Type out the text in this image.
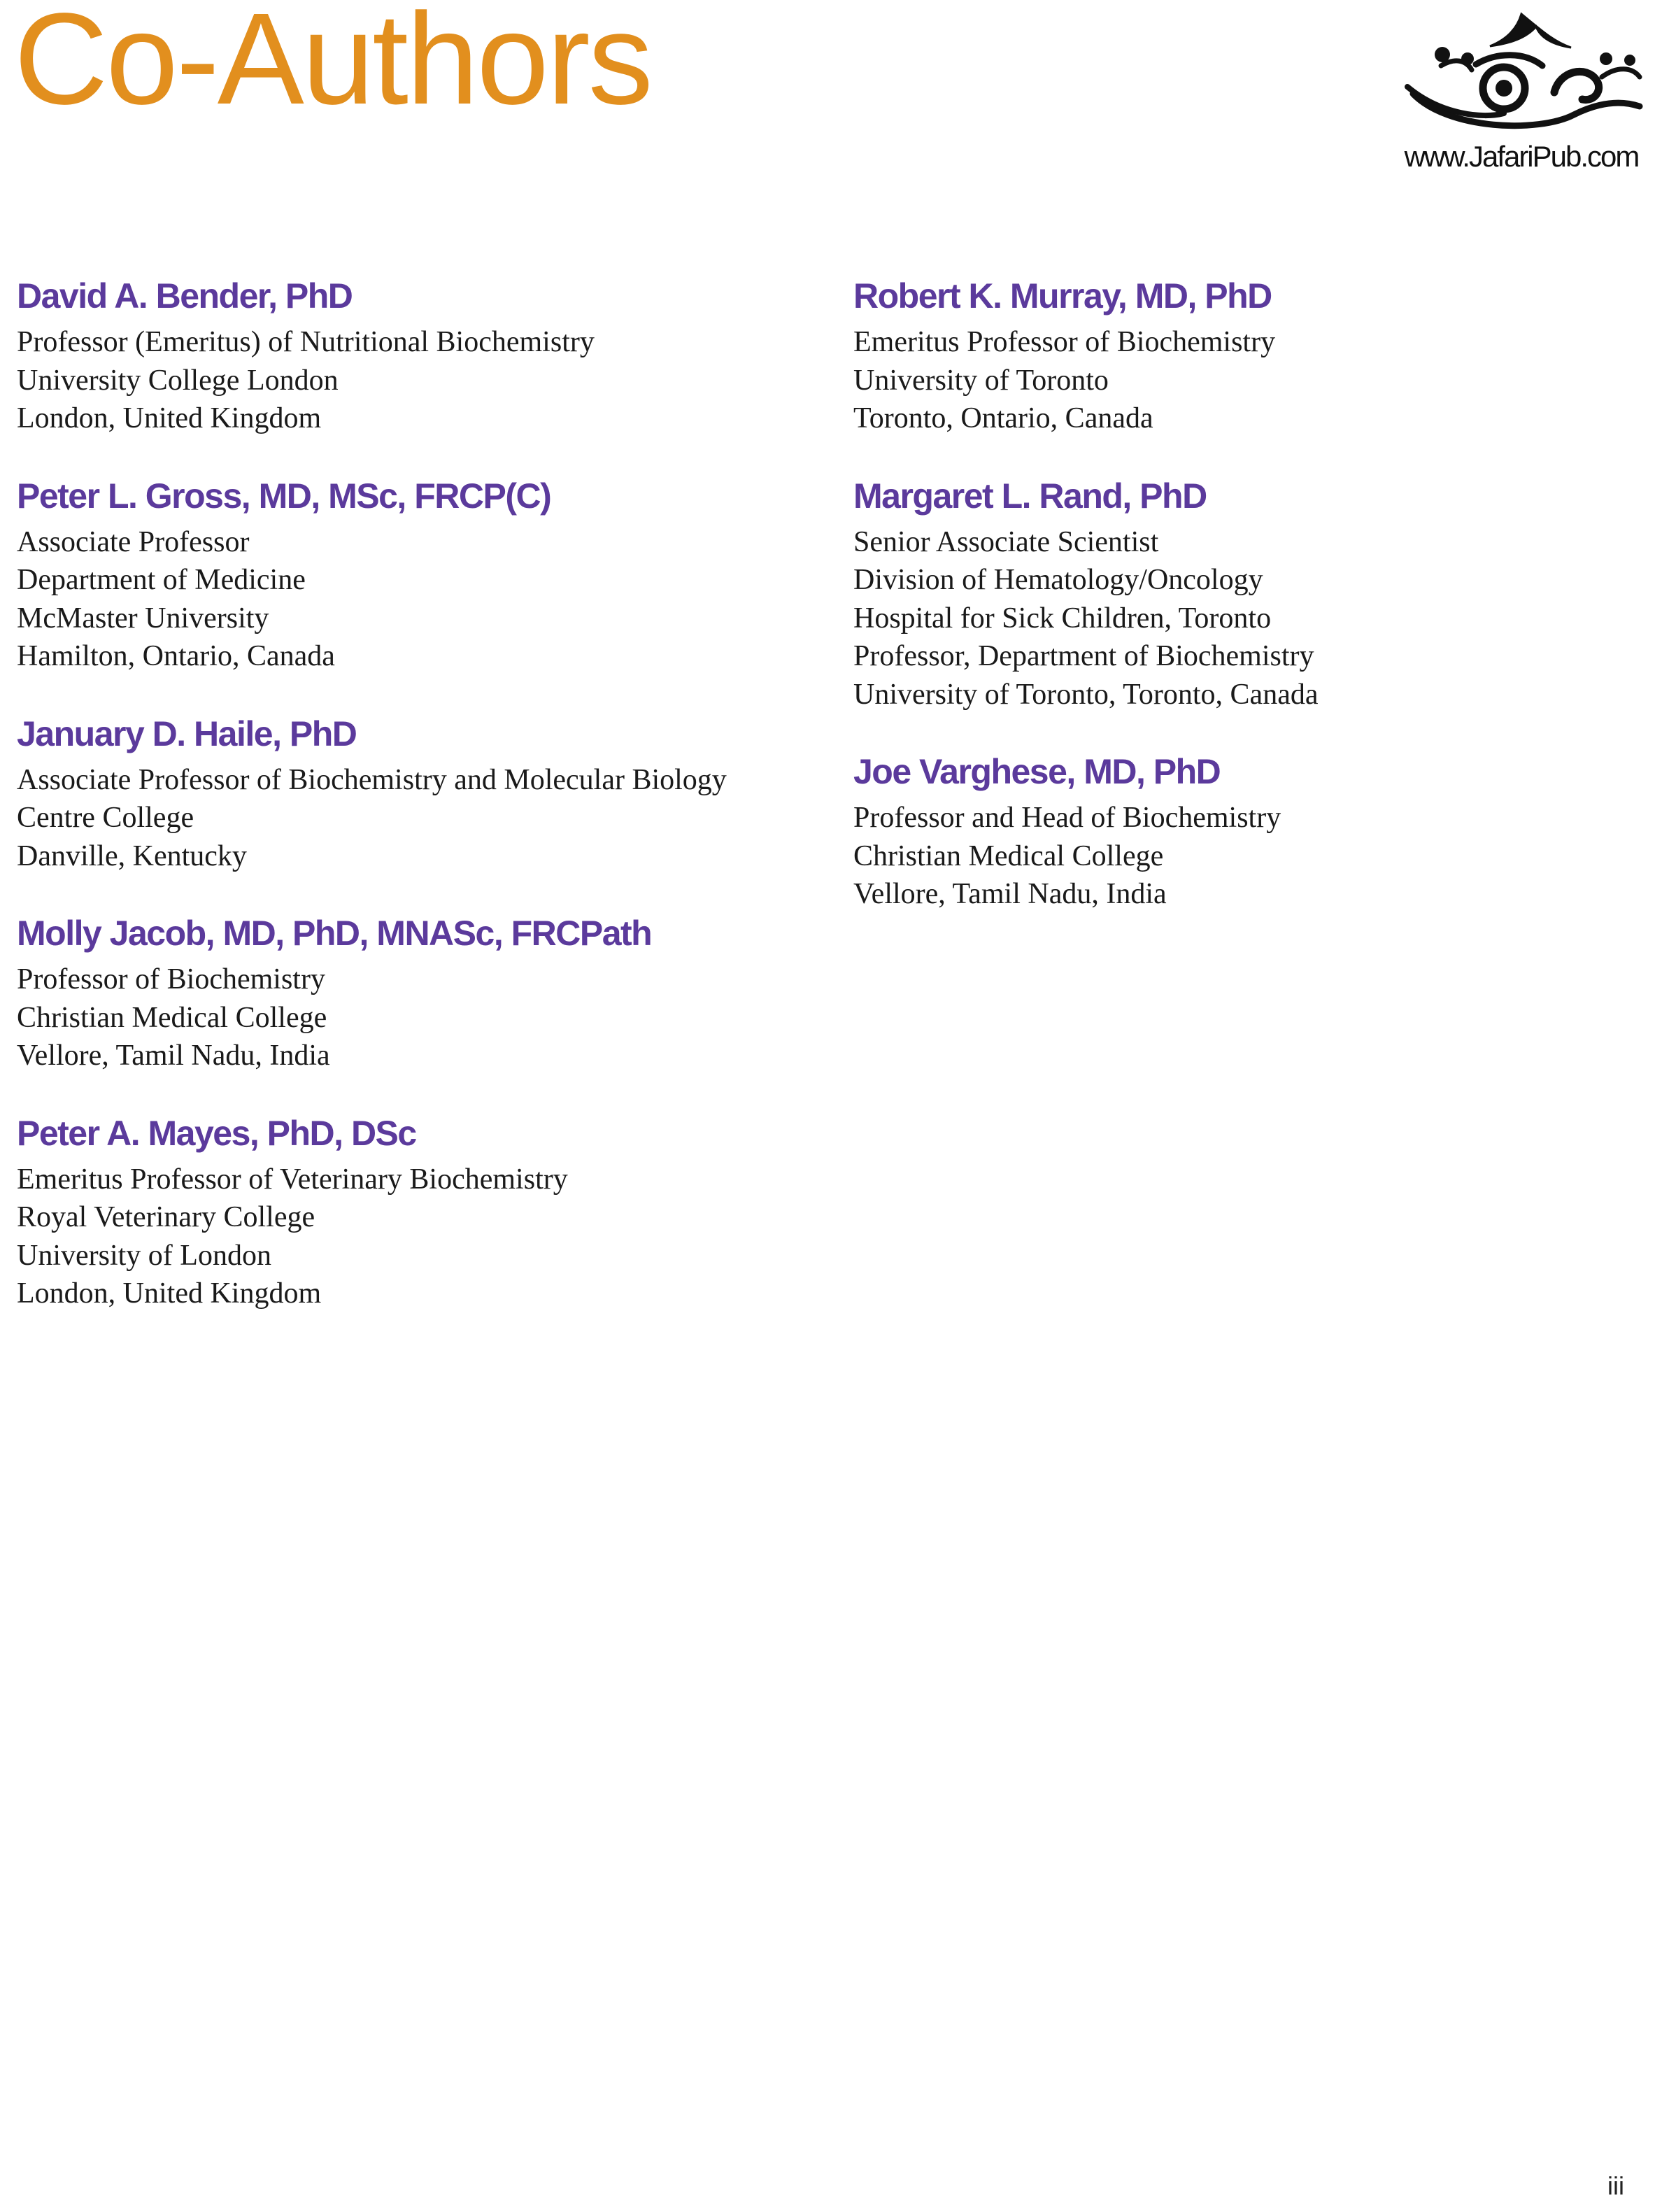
Co-Authors
www.JafariPub.com
David A. Bender, PhD
Professor (Emeritus) of Nutritional Biochemistry
University College London
London, United Kingdom
Peter L. Gross, MD, MSc, FRCP(C)
Associate Professor
Department of Medicine
McMaster University
Hamilton, Ontario, Canada
January D. Haile, PhD
Associate Professor of Biochemistry and Molecular Biology
Centre College
Danville, Kentucky
Molly Jacob, MD, PhD, MNASc, FRCPath
Professor of Biochemistry
Christian Medical College
Vellore, Tamil Nadu, India
Peter A. Mayes, PhD, DSc
Emeritus Professor of Veterinary Biochemistry
Royal Veterinary College
University of London
London, United Kingdom
Robert K. Murray, MD, PhD
Emeritus Professor of Biochemistry
University of Toronto
Toronto, Ontario, Canada
Margaret L. Rand, PhD
Senior Associate Scientist
Division of Hematology/Oncology
Hospital for Sick Children, Toronto
Professor, Department of Biochemistry
University of Toronto, Toronto, Canada
Joe Varghese, MD, PhD
Professor and Head of Biochemistry
Christian Medical College
Vellore, Tamil Nadu, India
iii
